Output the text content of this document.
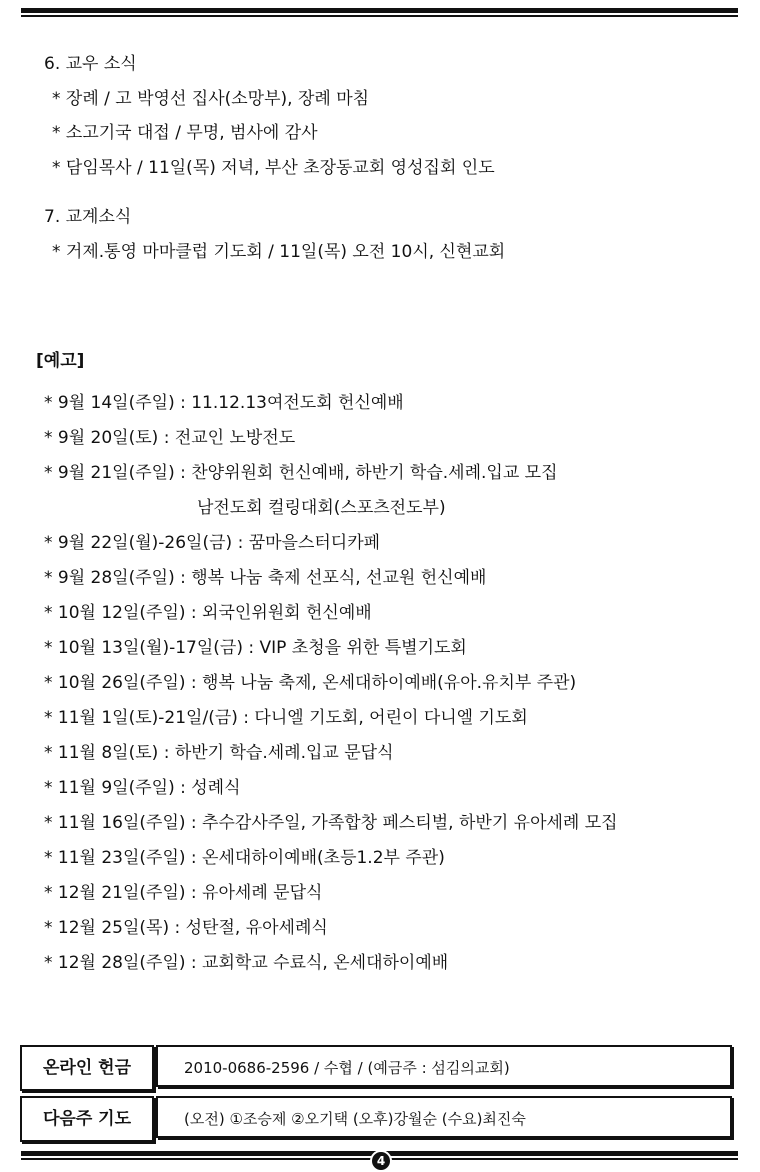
6. 교우 소식
* 장례 / 고 박영선 집사(소망부), 장례 마침
* 소고기국 대접 / 무명, 범사에 감사
* 담임목사 / 11일(목) 저녁, 부산 초장동교회 영성집회 인도
7. 교계소식
* 거제.통영 마마클럽 기도회 / 11일(목) 오전 10시, 신현교회
[예고]
* 9월 14일(주일) : 11.12.13여전도회 헌신예배
* 9월 20일(토) : 전교인 노방전도
* 9월 21일(주일) : 찬양위원회 헌신예배, 하반기 학습.세례.입교 모집
남전도회 컬링대회(스포츠전도부)
* 9월 22일(월)-26일(금) : 꿈마을스터디카페
* 9월 28일(주일) : 행복 나눔 축제 선포식, 선교원 헌신예배
* 10월 12일(주일) : 외국인위원회 헌신예배
* 10월 13일(월)-17일(금) : VIP 초청을 위한 특별기도회
* 10월 26일(주일) : 행복 나눔 축제, 온세대하이예배(유아.유치부 주관)
* 11월 1일(토)-21일/(금) : 다니엘 기도회, 어린이 다니엘 기도회
* 11월 8일(토) : 하반기 학습.세례.입교 문답식
* 11월 9일(주일) : 성례식
* 11월 16일(주일) : 추수감사주일, 가족합창 페스티벌, 하반기 유아세례 모집
* 11월 23일(주일) : 온세대하이예배(초등1.2부 주관)
* 12월 21일(주일) : 유아세례 문답식
* 12월 25일(목) : 성탄절, 유아세례식
* 12월 28일(주일) : 교회학교 수료식, 온세대하이예배
온라인 헌금	2010-0686-2596 / 수협 / (예금주 : 섬김의교회)
다음주 기도	(오전) ①조승제 ②오기택 (오후)강월순 (수요)최진숙
4
